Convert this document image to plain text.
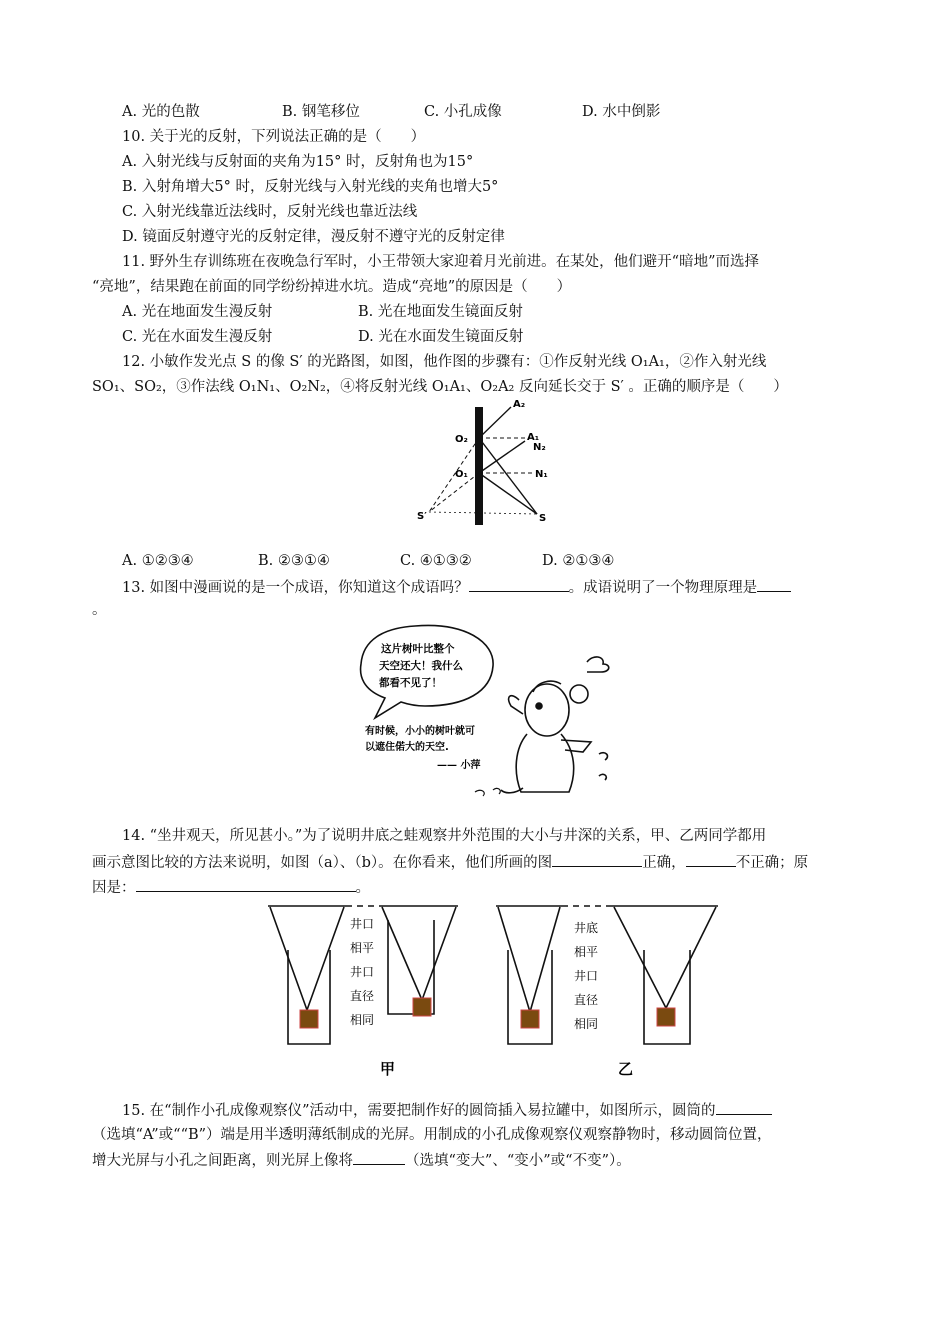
A. 光的色散	B. 钢笔移位	C. 小孔成像	D. 水中倒影
10. 关于光的反射，下列说法正确的是（　　）
A. 入射光线与反射面的夹角为15° 时，反射角也为15°
B. 入射角增大5° 时，反射光线与入射光线的夹角也增大5°
C. 入射光线靠近法线时，反射光线也靠近法线
D. 镜面反射遵守光的反射定律，漫反射不遵守光的反射定律
11. 野外生存训练班在夜晚急行军时，小王带领大家迎着月光前进。在某处，他们避开“暗地”而选择
“亮地”，结果跑在前面的同学纷纷掉进水坑。造成“亮地”的原因是（　　）
A. 光在地面发生漫反射	B. 光在地面发生镜面反射
C. 光在水面发生漫反射	D. 光在水面发生镜面反射
12. 小敏作发光点 S 的像 S′ 的光路图，如图，他作图的步骤有：①作反射光线 O₁A₁，②作入射光线
SO₁、SO₂，③作法线 O₁N₁、O₂N₂，④将反射光线 O₁A₁、O₂A₂ 反向延长交于 S′ 。正确的顺序是（　　）
A₂
O₂	A₁
N₂
O₁	N₁
S′	S
A. ①②③④	B. ②③①④	C. ④①③②	D. ②①③④
13. 如图中漫画说的是一个成语，你知道这个成语吗？	。成语说明了一个物理原理是
。
这片树叶比整个
天空还大！我什么
都看不见了！
有时候，小小的树叶就可
以遮住偌大的天空.
—— 小萍
14. “坐井观天，所见甚小。”为了说明井底之蛙观察井外范围的大小与井深的关系，甲、乙两同学都用
画示意图比较的方法来说明，如图（a）、（b）。在你看来，他们所画的图	正确，	不正确；原
因是：	。
井口
相平
井口
直径
相同
井底
相平
井口
直径
相同
甲	乙
15. 在“制作小孔成像观察仪”活动中，需要把制作好的圆筒插入易拉罐中，如图所示，圆筒的
（选填“A”或““B”）端是用半透明薄纸制成的光屏。用制成的小孔成像观察仪观察静物时，移动圆筒位置，
增大光屏与小孔之间距离，则光屏上像将	（选填“变大”、“变小”或“不变”）。
